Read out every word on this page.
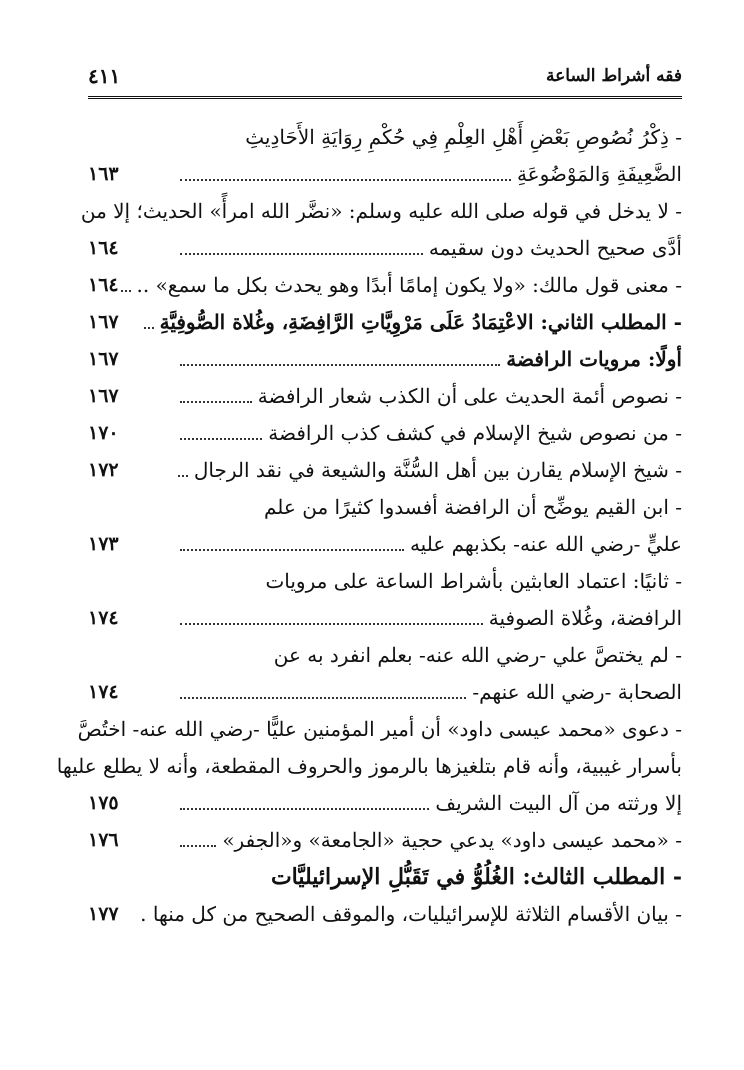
فقه أشراط الساعة
٤١١
- ذِكْرُ نُصُوصِ بَعْضِ أَهْلِ العِلْمِ فِي حُكْمِ رِوَايَةِ الأَحَادِيثِ
الضَّعِيفَةِ وَالمَوْضُوعَةِ
١٦٣
- لا يدخل في قوله صلى الله عليه وسلم: «نضَّر الله امرأً» الحديث؛ إلا من
أدَّى صحيح الحديث دون سقيمه
١٦٤
- معنى قول مالك: «ولا يكون إمامًا أبدًا وهو يحدث بكل ما سمع» ..
١٦٤
- المطلب الثاني: الاعْتِمَادُ عَلَى مَرْوِيَّاتِ الرَّافِضَةِ، وغُلاة الصُّوفِيَّةِ
١٦٧
أولًا: مرويات الرافضة
١٦٧
- نصوص أئمة الحديث على أن الكذب شعار الرافضة
١٦٧
- من نصوص شيخ الإسلام في كشف كذب الرافضة
١٧٠
- شيخ الإسلام يقارن بين أهل السُّنَّة والشيعة في نقد الرجال
١٧٢
- ابن القيم يوضِّح أن الرافضة أفسدوا كثيرًا من علم
عليٍّ -رضي الله عنه- بكذبهم عليه
١٧٣
- ثانيًا: اعتماد العابثين بأشراط الساعة على مرويات
الرافضة، وغُلاة الصوفية
١٧٤
- لم يختصَّ علي -رضي الله عنه- بعلم انفرد به عن
الصحابة -رضي الله عنهم-
١٧٤
- دعوى «محمد عيسى داود» أن أمير المؤمنين عليًّا -رضي الله عنه- اختُصَّ
بأسرار غيبية، وأنه قام بتلغيزها بالرموز والحروف المقطعة، وأنه لا يطلع عليها
إلا ورثته من آل البيت الشريف
١٧٥
- «محمد عيسى داود» يدعي حجية «الجامعة» و«الجفر»
١٧٦
- المطلب الثالث: الغُلُوُّ في تَقَبُّلِ الإسرائيليَّات
- بيان الأقسام الثلاثة للإسرائيليات، والموقف الصحيح من كل منها .
١٧٧
